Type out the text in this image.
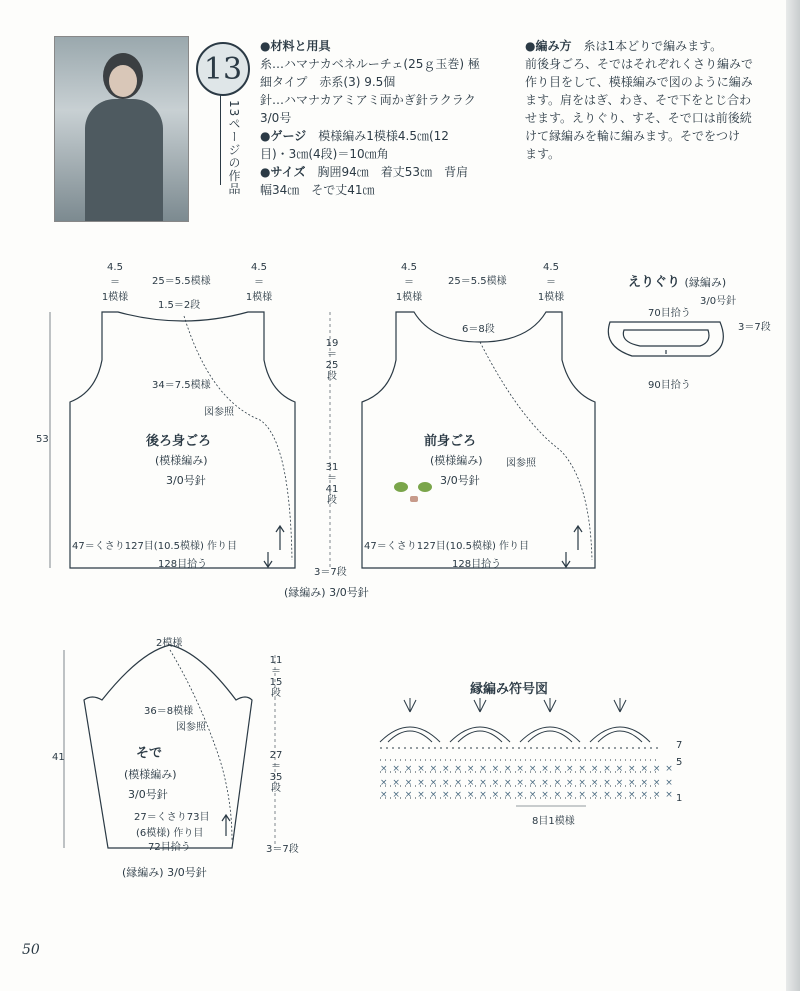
13
13ページの作品
●材料と用具
糸…ハマナカベネルーチェ(25ｇ玉巻) 極
細タイプ　赤系(3) 9.5個
針…ハマナカアミアミ両かぎ針ラクラク
3/0号
●ゲージ　 模様編み1模様4.5㎝(12
目)・3㎝(4段)＝10㎝角
●サイズ　 胸囲94㎝　着丈53㎝　背肩
幅34㎝　そで丈41㎝
●編み方　 糸は1本どりで編みます。
前後身ごろ、そではそれぞれくさり編みで
作り目をして、模様編みで図のように編み
ます。肩をはぎ、わき、そで下をとじ合わ
せます。えりぐり、すそ、そで口は前後続
けて縁編みを輪に編みます。そでをつけ
ます。
4.5
＝
1模様
25＝5.5模様
4.5
＝
1模様
1.5＝2段
34＝7.5模様
図参照
53	後ろ身ごろ
(模様編み)
3/0号針
47＝くさり127目(10.5模様) 作り目
128目拾う
4.5
＝
1模様
25＝5.5模様
4.5
＝
1模様
6＝8段
19
＝
25
段
31
＝
41
段
前身ごろ
(模様編み)
3/0号針
図参照
47＝くさり127目(10.5模様) 作り目
128目拾う
3＝7段
(縁編み) 3/0号針
えりぐり (縁編み)
3/0号針
70目拾う
3＝7段
90目拾う
2模様
36＝8模様
図参照
41	そで
(模様編み)
3/0号針
27＝くさり73目
(6模様) 作り目
72目拾う
11
＝
15
段
27
＝
35
段
3＝7段
(縁編み) 3/0号針
縁編み符号図
8目1模様
7
5
1
× × × × × × × × × × × × × × × × × × × × × × × ×
× × × × × × × × × × × × × × × × × × × × × × × ×
× × × × × × × × × × × × × × × × × × × × × × × ×
50
